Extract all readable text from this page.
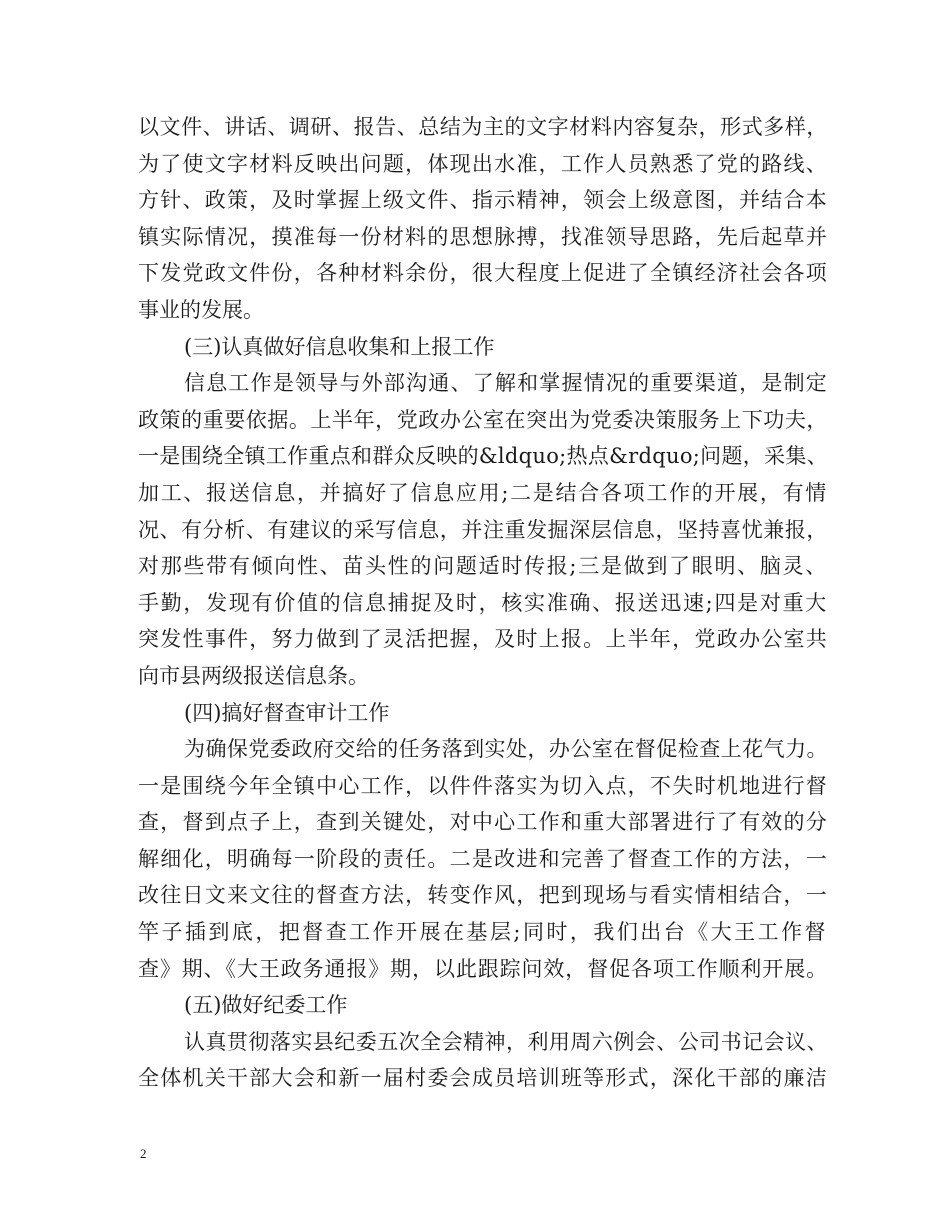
以文件、讲话、调研、报告、总结为主的文字材料内容复杂，形式多样，
为了使文字材料反映出问题，体现出水准，工作人员熟悉了党的路线、
方针、政策，及时掌握上级文件、指示精神，领会上级意图，并结合本
镇实际情况，摸准每一份材料的思想脉搏，找准领导思路，先后起草并
下发党政文件份，各种材料余份，很大程度上促进了全镇经济社会各项
事业的发展。
(三)认真做好信息收集和上报工作
信息工作是领导与外部沟通、了解和掌握情况的重要渠道，是制定
政策的重要依据。上半年，党政办公室在突出为党委决策服务上下功夫，
一是围绕全镇工作重点和群众反映的&ldquo;热点&rdquo;问题，采集、
加工、报送信息，并搞好了信息应用;二是结合各项工作的开展，有情
况、有分析、有建议的采写信息，并注重发掘深层信息，坚持喜忧兼报，
对那些带有倾向性、苗头性的问题适时传报;三是做到了眼明、脑灵、
手勤，发现有价值的信息捕捉及时，核实准确、报送迅速;四是对重大
突发性事件，努力做到了灵活把握，及时上报。上半年，党政办公室共
向市县两级报送信息条。
(四)搞好督查审计工作
为确保党委政府交给的任务落到实处，办公室在督促检查上花气力。
一是围绕今年全镇中心工作，以件件落实为切入点，不失时机地进行督
查，督到点子上，查到关键处，对中心工作和重大部署进行了有效的分
解细化，明确每一阶段的责任。二是改进和完善了督查工作的方法，一
改往日文来文往的督查方法，转变作风，把到现场与看实情相结合，一
竿子插到底，把督查工作开展在基层;同时，我们出台《大王工作督
查》期、《大王政务通报》期，以此跟踪问效，督促各项工作顺利开展。
(五)做好纪委工作
认真贯彻落实县纪委五次全会精神，利用周六例会、公司书记会议、
全体机关干部大会和新一届村委会成员培训班等形式，深化干部的廉洁
2
